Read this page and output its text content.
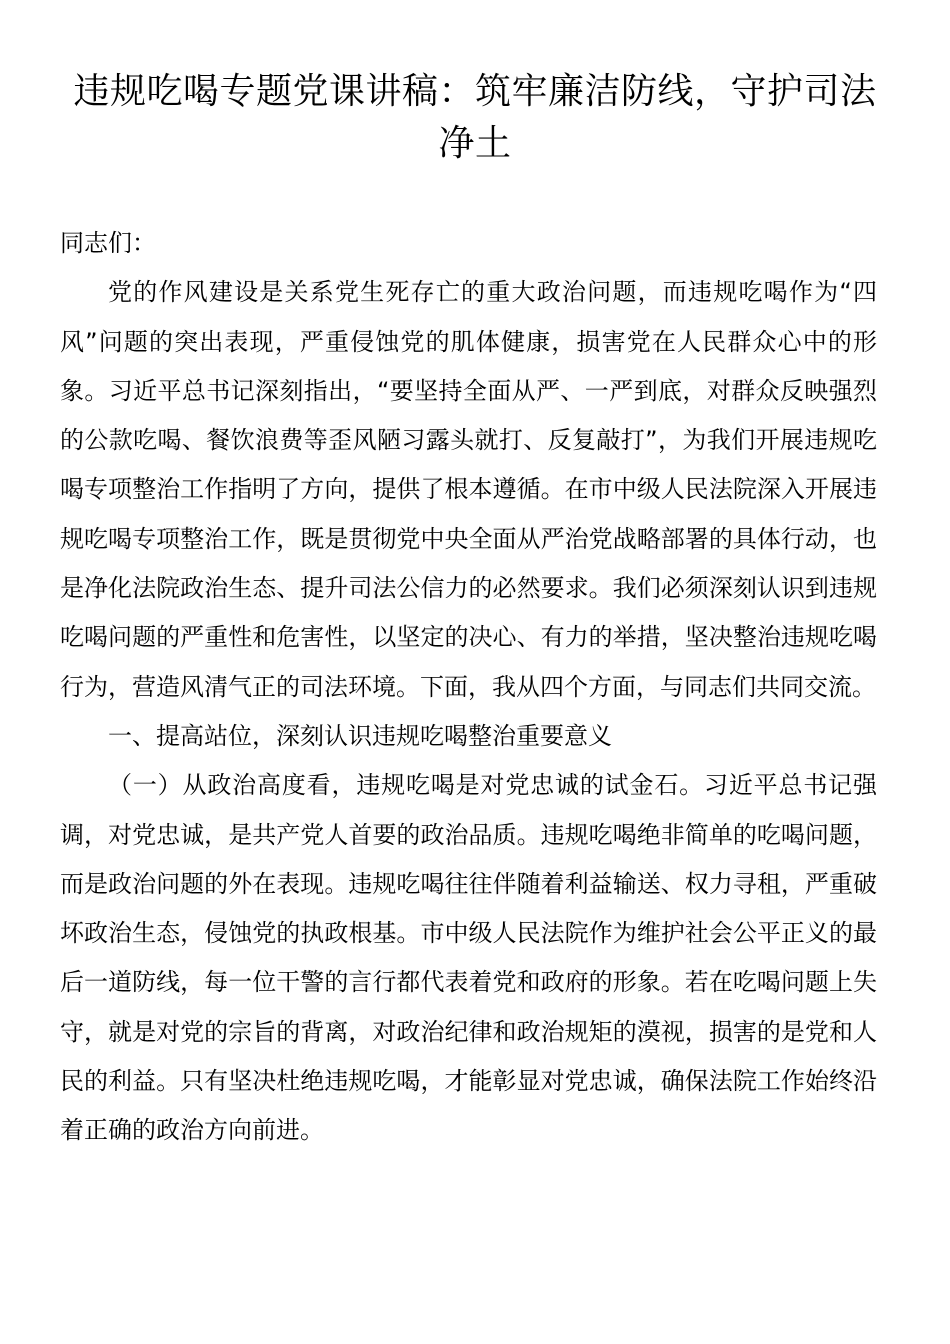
违规吃喝专题党课讲稿：筑牢廉洁防线，守护司法净土

同志们：

党的作风建设是关系党生死存亡的重大政治问题，而违规吃喝作为“四风”问题的突出表现，严重侵蚀党的肌体健康，损害党在人民群众心中的形象。习近平总书记深刻指出，“要坚持全面从严、一严到底，对群众反映强烈的公款吃喝、餐饮浪费等歪风陋习露头就打、反复敲打”，为我们开展违规吃喝专项整治工作指明了方向，提供了根本遵循。在市中级人民法院深入开展违规吃喝专项整治工作，既是贯彻党中央全面从严治党战略部署的具体行动，也是净化法院政治生态、提升司法公信力的必然要求。我们必须深刻认识到违规吃喝问题的严重性和危害性，以坚定的决心、有力的举措，坚决整治违规吃喝行为，营造风清气正的司法环境。下面，我从四个方面，与同志们共同交流。

一、提高站位，深刻认识违规吃喝整治重要意义

（一）从政治高度看，违规吃喝是对党忠诚的试金石。习近平总书记强调，对党忠诚，是共产党人首要的政治品质。违规吃喝绝非简单的吃喝问题，而是政治问题的外在表现。违规吃喝往往伴随着利益输送、权力寻租，严重破坏政治生态，侵蚀党的执政根基。市中级人民法院作为维护社会公平正义的最后一道防线，每一位干警的言行都代表着党和政府的形象。若在吃喝问题上失守，就是对党的宗旨的背离，对政治纪律和政治规矩的漠视，损害的是党和人民的利益。只有坚决杜绝违规吃喝，才能彰显对党忠诚，确保法院工作始终沿着正确的政治方向前进。
